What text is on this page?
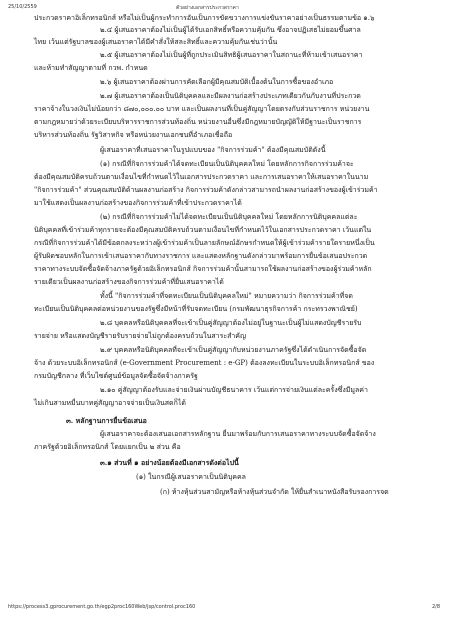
25/10/2559	ตัวอย่างเอกสารประกวดราคา
ประกวดราคาอิเล็กทรอนิกส์ หรือไม่เป็นผู้กระทำการอันเป็นการขัดขวางการแข่งขันราคาอย่างเป็นธรรมตามข้อ ๑.๖
๒.๔ ผู้เสนอราคาต้องไม่เป็นผู้ได้รับเอกสิทธิ์หรือความคุ้มกัน ซึ่งอาจปฏิเสธไม่ยอมขึ้นศาล
ไทย เว้นแต่รัฐบาลของผู้เสนอราคาได้มีคำสั่งให้สละสิทธิ์และความคุ้มกันเช่นว่านั้น
๒.๕ ผู้เสนอราคาต้องไม่เป็นผู้ที่ถูกประเมินสิทธิผู้เสนอราคาในสถานะที่ห้ามเข้าเสนอราคา
และห้ามทำสัญญาตามที่ กวพ. กำหนด
๒.๖ ผู้เสนอราคาต้องผ่านการคัดเลือกผู้มีคุณสมบัติเบื้องต้นในการซื้อของอำเภอ
๒.๗ ผู้เสนอราคาต้องเป็นนิติบุคคลและมีผลงานก่อสร้างประเภทเดียวกันกับงานที่ประกวด
ราคาจ้างในวงเงินไม่น้อยกว่า ๘๗๐,๐๐๐.๐๐ บาท และเป็นผลงานที่เป็นคู่สัญญาโดยตรงกับส่วนราชการ หน่วยงาน
ตามกฎหมายว่าด้วยระเบียบบริหารราชการส่วนท้องถิ่น หน่วยงานอื่นซึ่งมีกฎหมายบัญญัติให้มีฐานะเป็นราชการ
บริหารส่วนท้องถิ่น รัฐวิสาหกิจ หรือหน่วยงานเอกชนที่อำเภอเชื่อถือ
ผู้เสนอราคาที่เสนอราคาในรูปแบบของ "กิจการร่วมค้า" ต้องมีคุณสมบัติดังนี้
(๑) กรณีที่กิจการร่วมค้าได้จดทะเบียนเป็นนิติบุคคลใหม่ โดยหลักการกิจการร่วมค้าจะ
ต้องมีคุณสมบัติครบถ้วนตามเงื่อนไขที่กำหนดไว้ในเอกสารประกวดราคา และการเสนอราคาให้เสนอราคาในนาม
"กิจการร่วมค้า" ส่วนคุณสมบัติด้านผลงานก่อสร้าง กิจการร่วมค้าดังกล่าวสามารถนำผลงานก่อสร้างของผู้เข้าร่วมค้า
มาใช้แสดงเป็นผลงานก่อสร้างของกิจการร่วมค้าที่เข้าประกวดราคาได้
(๒) กรณีที่กิจการร่วมค้าไม่ได้จดทะเบียนเป็นนิติบุคคลใหม่ โดยหลักการนิติบุคคลแต่ละ
นิติบุคคลที่เข้าร่วมค้าทุกรายจะต้องมีคุณสมบัติครบถ้วนตามเงื่อนไขที่กำหนดไว้ในเอกสารประกวดราคา เว้นแต่ใน
กรณีที่กิจการร่วมค้าได้มีข้อตกลงระหว่างผู้เข้าร่วมค้าเป็นลายลักษณ์อักษรกำหนดให้ผู้เข้าร่วมค้ารายใดรายหนึ่งเป็น
ผู้รับผิดชอบหลักในการเข้าเสนอราคากับทางราชการ และแสดงหลักฐานดังกล่าวมาพร้อมการยื่นข้อเสนอประกวด
ราคาทางระบบจัดซื้อจัดจ้างภาครัฐด้วยอิเล็กทรอนิกส์ กิจการร่วมค้านั้นสามารถใช้ผลงานก่อสร้างของผู้ร่วมค้าหลัก
รายเดียวเป็นผลงานก่อสร้างของกิจการร่วมค้าที่ยื่นเสนอราคาได้
ทั้งนี้ "กิจการร่วมค้าที่จดทะเบียนเป็นนิติบุคคลใหม่" หมายความว่า กิจการร่วมค้าที่จด
ทะเบียนเป็นนิติบุคคลต่อหน่วยงานของรัฐซึ่งมีหน้าที่รับจดทะเบียน (กรมพัฒนาธุรกิจการค้า กระทรวงพาณิชย์)
๒.๘ บุคคลหรือนิติบุคคลที่จะเข้าเป็นคู่สัญญาต้องไม่อยู่ในฐานะเป็นผู้ไม่แสดงบัญชีรายรับ
รายจ่าย หรือแสดงบัญชีรายรับรายจ่ายไม่ถูกต้องครบถ้วนในสาระสำคัญ
๒.๙ บุคคลหรือนิติบุคคลที่จะเข้าเป็นคู่สัญญากับหน่วยงานภาครัฐซึ่งได้ดำเนินการจัดซื้อจัด
จ้าง ด้วยระบบอิเล็กทรอนิกส์ (e-Government Procurement : e-GP) ต้องลงทะเบียนในระบบอิเล็กทรอนิกส์ ของ
กรมบัญชีกลาง ที่เว็บไซต์ศูนย์ข้อมูลจัดซื้อจัดจ้างภาครัฐ
๒.๑๐ คู่สัญญาต้องรับและจ่ายเงินผ่านบัญชีธนาคาร เว้นแต่การจ่ายเงินแต่ละครั้งซึ่งมีมูลค่า
ไม่เกินสามหมื่นบาทคู่สัญญาอาจจ่ายเป็นเงินสดก็ได้
๓. หลักฐานการยื่นข้อเสนอ
ผู้เสนอราคาจะต้องเสนอเอกสารหลักฐาน ยื่นมาพร้อมกับการเสนอราคาทางระบบจัดซื้อจัดจ้าง
ภาครัฐด้วยอิเล็กทรอนิกส์ โดยแยกเป็น ๒ ส่วน คือ
๓.๑ ส่วนที่ ๑ อย่างน้อยต้องมีเอกสารดังต่อไปนี้
(๑) ในกรณีผู้เสนอราคาเป็นนิติบุคคล
(ก) ห้างหุ้นส่วนสามัญหรือห้างหุ้นส่วนจำกัด ให้ยื่นสำเนาหนังสือรับรองการจด
https://process3.gprocurement.go.th/egp2proc160Web/jsp/control.proc160	2/8
